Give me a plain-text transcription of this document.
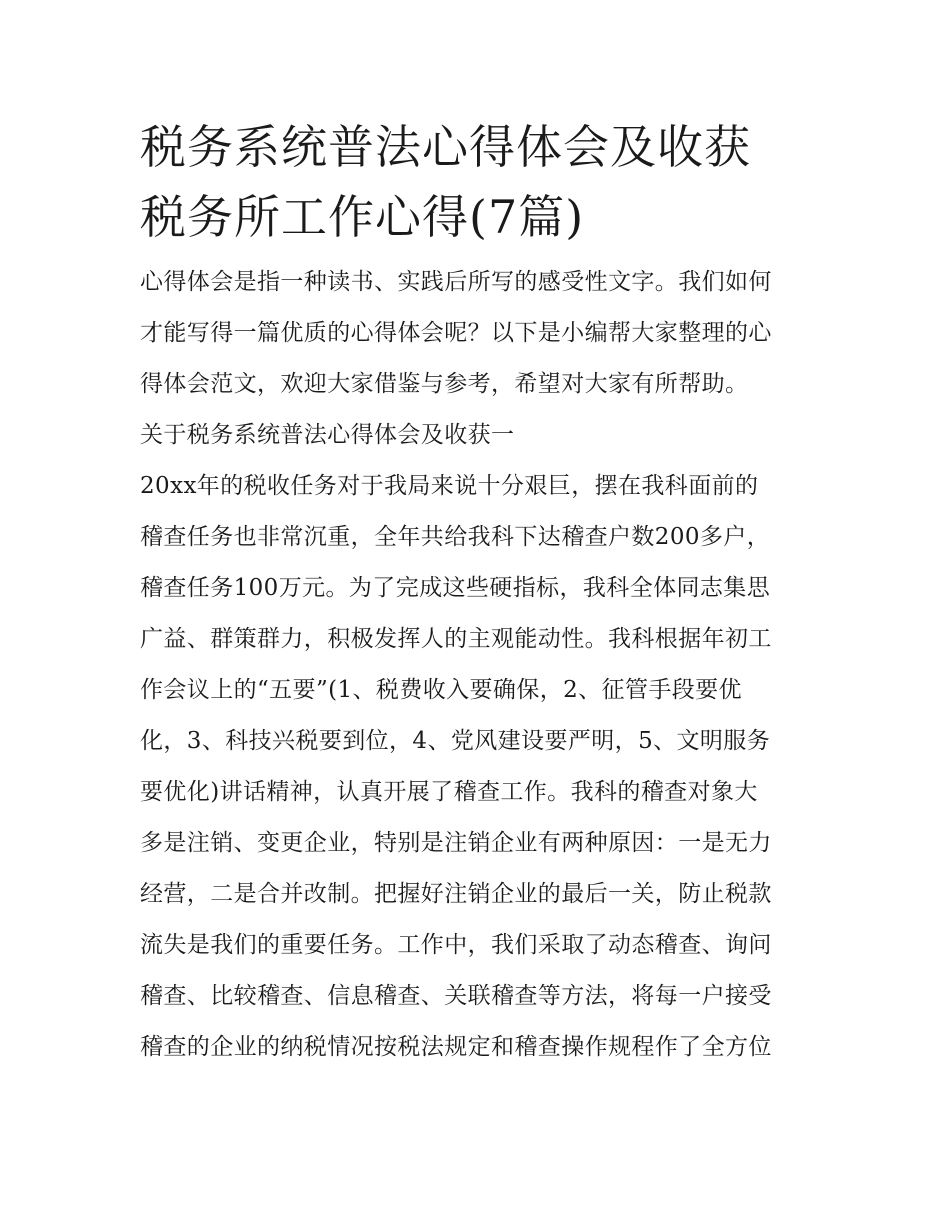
税务系统普法心得体会及收获
税务所工作心得(7篇)
心得体会是指一种读书、实践后所写的感受性文字。我们如何
才能写得一篇优质的心得体会呢？以下是小编帮大家整理的心
得体会范文，欢迎大家借鉴与参考，希望对大家有所帮助。
关于税务系统普法心得体会及收获一
20xx年的税收任务对于我局来说十分艰巨，摆在我科面前的
稽查任务也非常沉重，全年共给我科下达稽查户数200多户，
稽查任务100万元。为了完成这些硬指标，我科全体同志集思
广益、群策群力，积极发挥人的主观能动性。我科根据年初工
作会议上的“五要”(1、税费收入要确保，2、征管手段要优
化，3、科技兴税要到位，4、党风建设要严明，5、文明服务
要优化)讲话精神，认真开展了稽查工作。我科的稽查对象大
多是注销、变更企业，特别是注销企业有两种原因：一是无力
经营，二是合并改制。把握好注销企业的最后一关，防止税款
流失是我们的重要任务。工作中，我们采取了动态稽查、询问
稽查、比较稽查、信息稽查、关联稽查等方法，将每一户接受
稽查的企业的纳税情况按税法规定和稽查操作规程作了全方位
